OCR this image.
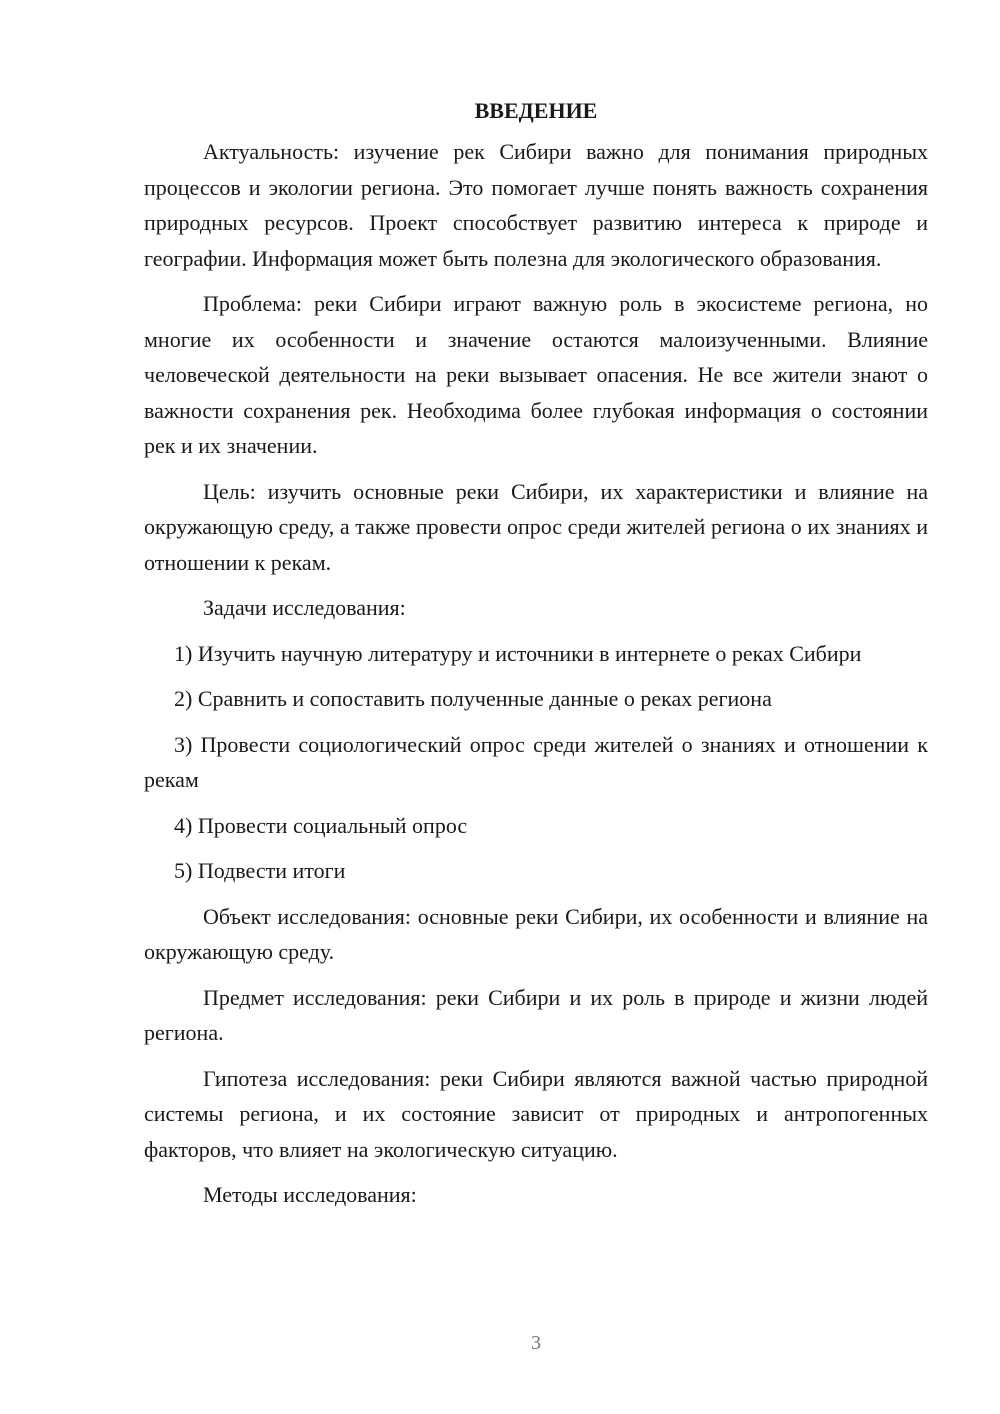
ВВЕДЕНИЕ

Актуальность: изучение рек Сибири важно для понимания природных процессов и экологии региона. Это помогает лучше понять важность сохранения природных ресурсов. Проект способствует развитию интереса к природе и географии. Информация может быть полезна для экологического образования.

Проблема: реки Сибири играют важную роль в экосистеме региона, но многие их особенности и значение остаются малоизученными. Влияние человеческой деятельности на реки вызывает опасения. Не все жители знают о важности сохранения рек. Необходима более глубокая информация о состоянии рек и их значении.

Цель: изучить основные реки Сибири, их характеристики и влияние на окружающую среду, а также провести опрос среди жителей региона о их знаниях и отношении к рекам.

Задачи исследования:

1) Изучить научную литературу и источники в интернете о реках Сибири

2) Сравнить и сопоставить полученные данные о реках региона

3) Провести социологический опрос среди жителей о знаниях и отношении к рекам

4) Провести социальный опрос

5) Подвести итоги

Объект исследования: основные реки Сибири, их особенности и влияние на окружающую среду.

Предмет исследования: реки Сибири и их роль в природе и жизни людей региона.

Гипотеза исследования: реки Сибири являются важной частью природной системы региона, и их состояние зависит от природных и антропогенных факторов, что влияет на экологическую ситуацию.

Методы исследования:

3
